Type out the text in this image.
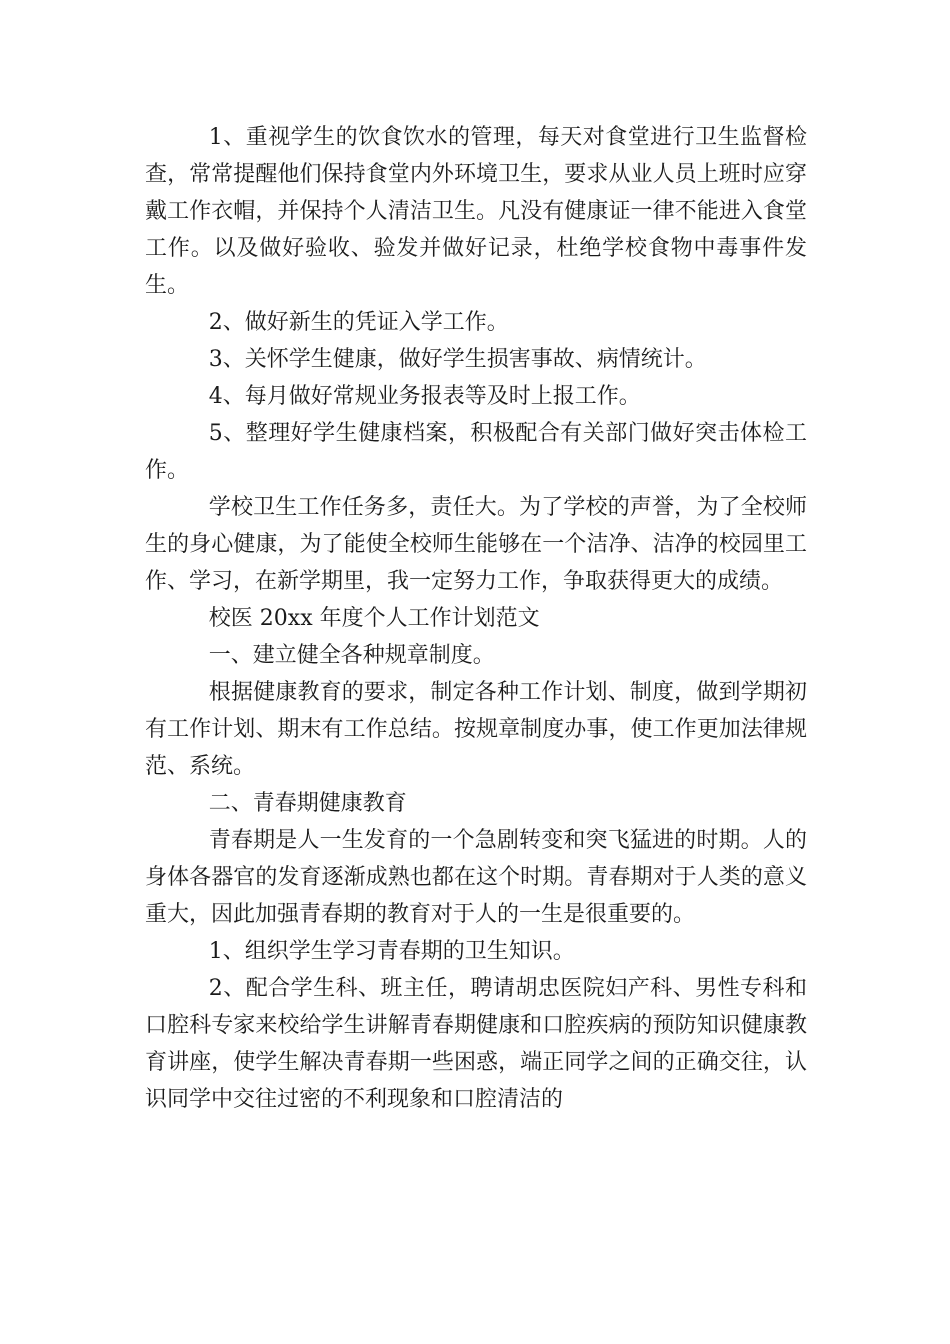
1、重视学生的饮食饮水的管理，每天对食堂进行卫生监督检查，常常提醒他们保持食堂内外环境卫生，要求从业人员上班时应穿戴工作衣帽，并保持个人清洁卫生。凡没有健康证一律不能进入食堂工作。以及做好验收、验发并做好记录，杜绝学校食物中毒事件发生。

2、做好新生的凭证入学工作。

3、关怀学生健康，做好学生损害事故、病情统计。

4、每月做好常规业务报表等及时上报工作。

5、整理好学生健康档案，积极配合有关部门做好突击体检工作。

学校卫生工作任务多，责任大。为了学校的声誉，为了全校师生的身心健康，为了能使全校师生能够在一个洁净、洁净的校园里工作、学习，在新学期里，我一定努力工作，争取获得更大的成绩。

校医 20xx 年度个人工作计划范文

一、建立健全各种规章制度。

根据健康教育的要求，制定各种工作计划、制度，做到学期初有工作计划、期末有工作总结。按规章制度办事，使工作更加法律规范、系统。

二、青春期健康教育

青春期是人一生发育的一个急剧转变和突飞猛进的时期。人的身体各器官的发育逐渐成熟也都在这个时期。青春期对于人类的意义重大，因此加强青春期的教育对于人的一生是很重要的。

1、组织学生学习青春期的卫生知识。

2、配合学生科、班主任，聘请胡忠医院妇产科、男性专科和口腔科专家来校给学生讲解青春期健康和口腔疾病的预防知识健康教育讲座，使学生解决青春期一些困惑，端正同学之间的正确交往，认识同学中交往过密的不利现象和口腔清洁的
